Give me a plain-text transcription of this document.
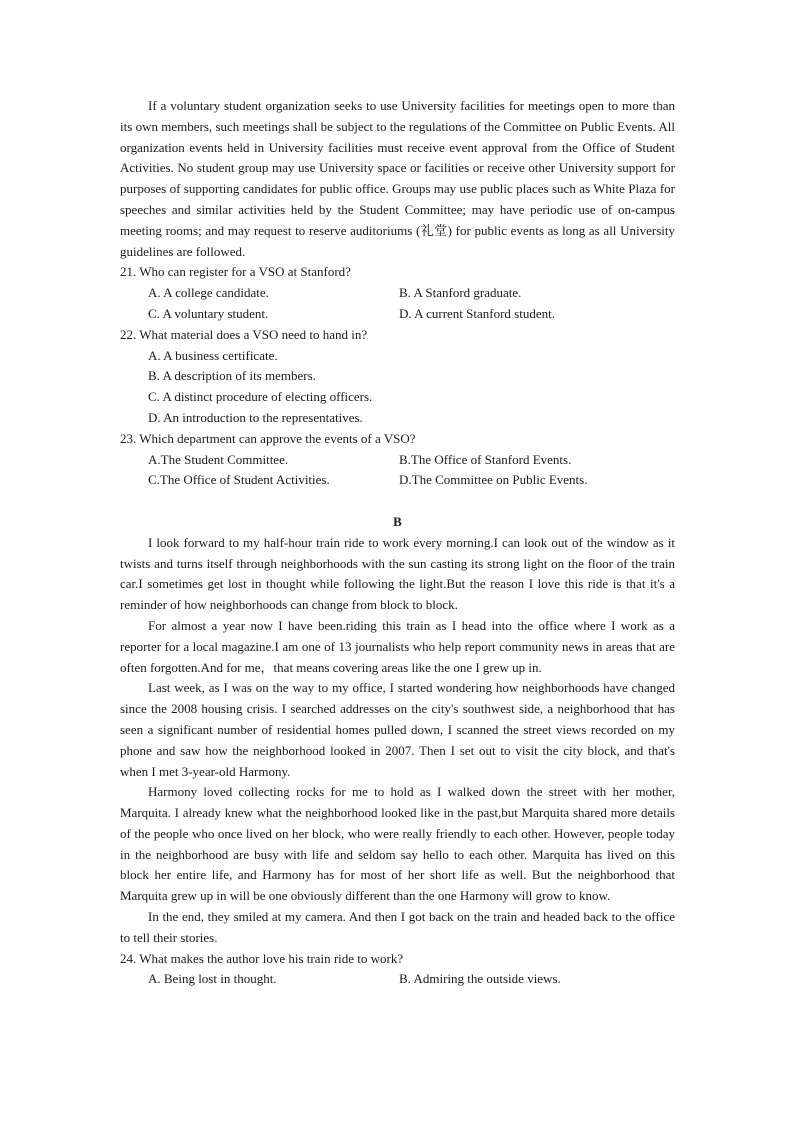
If a voluntary student organization seeks to use University facilities for meetings open to more than its own members, such meetings shall be subject to the regulations of the Committee on Public Events. All organization events held in University facilities must receive event approval from the Office of Student Activities. No student group may use University space or facilities or receive other University support for purposes of supporting candidates for public office. Groups may use public places such as White Plaza for speeches and similar activities held by the Student Committee; may have periodic use of on-campus meeting rooms; and may request to reserve auditoriums (礼堂) for public events as long as all University guidelines are followed.

21. Who can register for a VSO at Stanford?

A. A college candidate.	B. A Stanford graduate.
C. A voluntary student.	D. A current Stanford student.

22. What material does a VSO need to hand in?

A. A business certificate.

B. A description of its members.

C. A distinct procedure of electing officers.

D. An introduction to the representatives.

23. Which department can approve the events of a VSO?

A.The Student Committee.	B.The Office of Stanford Events.
C.The Office of Student Activities.	D.The Committee on Public Events.

B

I look forward to my half-hour train ride to work every morning.I can look out of the window as it twists and turns itself through neighborhoods with the sun casting its strong light on the floor of the train car.I sometimes get lost in thought while following the light.But the reason I love this ride is that it's a reminder of how neighborhoods can change from block to block.

For almost a year now I have been.riding this train as I head into the office where I work as a reporter for a local magazine.I am one of 13 journalists who help report community news in areas that are often forgotten.And for me，that means covering areas like the one I grew up in.

Last week, as I was on the way to my office, I started wondering how neighborhoods have changed since the 2008 housing crisis. I searched addresses on the city's southwest side, a neighborhood that has seen a significant number of residential homes pulled down, I scanned the street views recorded on my phone and saw how the neighborhood looked in 2007. Then I set out to visit the city block, and that's when I met 3-year-old Harmony.

Harmony loved collecting rocks for me to hold as I walked down the street with her mother, Marquita. I already knew what the neighborhood looked like in the past,but Marquita shared more details of the people who once lived on her block, who were really friendly to each other. However, people today in the neighborhood are busy with life and seldom say hello to each other. Marquita has lived on this block her entire life, and Harmony has for most of her short life as well. But the neighborhood that Marquita grew up in will be one obviously different than the one Harmony will grow to know.

In the end, they smiled at my camera. And then I got back on the train and headed back to the office to tell their stories.

24. What makes the author love his train ride to work?

A. Being lost in thought.	B. Admiring the outside views.
